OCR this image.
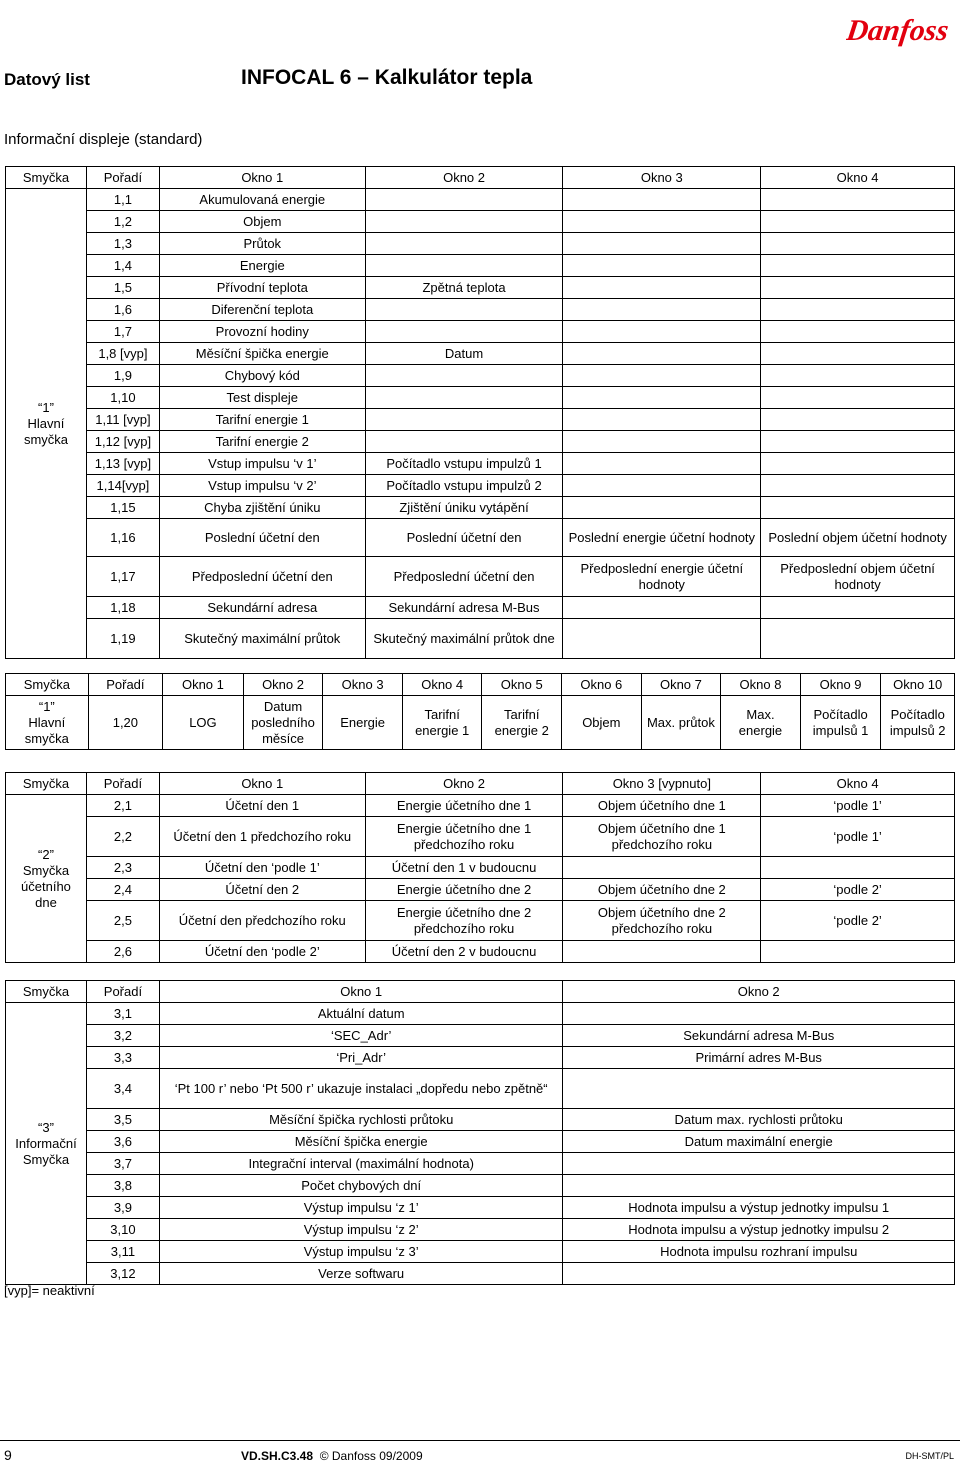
Datový list	INFOCAL 6 – Kalkulátor tepla
Danfoss
Informační displeje (standard)
Smyčka	Pořadí	Okno 1	Okno 2	Okno 3	Okno 4

“1”
Hlavní
smyčka	1,1	Akumulovaná energie			
	1,2	Objem			
	1,3	Průtok			
	1,4	Energie			
	1,5	Přívodní teplota	Zpětná teplota		
	1,6	Diferenční teplota			
	1,7	Provozní hodiny			
	1,8 [vyp]	Měsíční špička energie	Datum		
	1,9	Chybový kód			
	1,10	Test displeje			
	1,11 [vyp]	Tarifní energie 1			
	1,12 [vyp]	Tarifní energie 2			
	1,13 [vyp]	Vstup impulsu ‘v 1’	Počítadlo vstupu impulzů 1		
	1,14[vyp]	Vstup impulsu ‘v 2’	Počítadlo vstupu impulzů 2		
	1,15	Chyba zjištění úniku	Zjištění úniku vytápění		
	1,16	Poslední účetní den	Poslední účetní den	Poslední energie účetní hodnoty	Poslední objem účetní hodnoty
	1,17	Předposlední účetní den	Předposlední účetní den	Předposlední energie účetní hodnoty	Předposlední objem účetní hodnoty
	1,18	Sekundární adresa	Sekundární adresa M-Bus		
	1,19	Skutečný maximální průtok	Skutečný maximální průtok dne		
Smyčka	Pořadí	Okno 1	Okno 2	Okno 3	Okno 4	Okno 5	Okno 6	Okno 7	Okno 8	Okno 9	Okno 10

“1”
Hlavní
smyčka	1,20	LOG	Datum posledního měsíce	Energie	Tarifní energie 1	Tarifní energie 2	Objem	Max. průtok	Max. energie	Počítadlo impulsů 1	Počítadlo impulsů 2
Smyčka	Pořadí	Okno 1	Okno 2	Okno 3 [vypnuto]	Okno 4

“2”
Smyčka
účetního
dne	2,1	Účetní den 1	Energie účetního dne 1	Objem účetního dne 1	‘podle 1’
	2,2	Účetní den 1 předchozího roku	Energie účetního dne 1 předchozího roku	Objem účetního dne 1 předchozího roku	‘podle 1’
	2,3	Účetní den ‘podle 1’	Účetní den 1 v budoucnu		
	2,4	Účetní den 2	Energie účetního dne 2	Objem účetního dne 2	‘podle 2’
	2,5	Účetní den předchozího roku	Energie účetního dne 2 předchozího roku	Objem účetního dne 2 předchozího roku	‘podle 2’
	2,6	Účetní den ‘podle 2’	Účetní den 2 v budoucnu		
Smyčka	Pořadí	Okno 1	Okno 2

“3”
Informační
Smyčka	3,1	Aktuální datum	
	3,2	‘SEC_Adr’	Sekundární adresa M-Bus
	3,3	‘Pri_Adr’	Primární adres M-Bus
	3,4	‘Pt 100 r’ nebo ‘Pt 500 r’ ukazuje instalaci „dopředu nebo zpětně“	
	3,5	Měsíční špička rychlosti průtoku	Datum max. rychlosti průtoku
	3,6	Měsíční špička energie	Datum maximální energie
	3,7	Integrační interval (maximální hodnota)	
	3,8	Počet chybových dní	
	3,9	Výstup impulsu ‘z 1’	Hodnota impulsu a výstup jednotky impulsu 1
	3,10	Výstup impulsu ‘z 2’	Hodnota impulsu a výstup jednotky impulsu 2
	3,11	Výstup impulsu ‘z 3’	Hodnota impulsu rozhraní impulsu
	3,12	Verze softwaru	
[vyp]= neaktivní
9	VD.SH.C3.48 © Danfoss 09/2009	DH-SMT/PL
